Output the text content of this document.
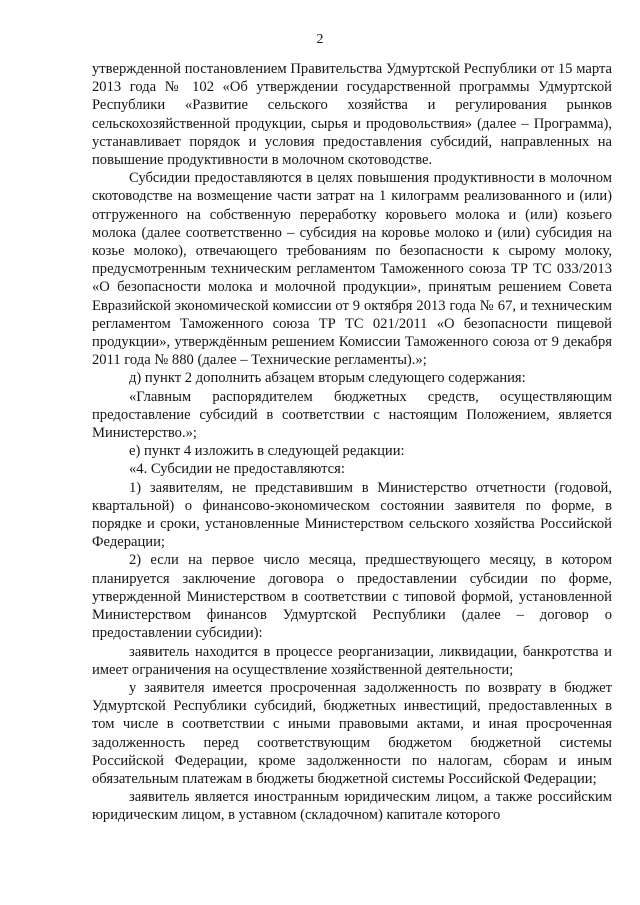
2

утвержденной постановлением Правительства Удмуртской Республики от 15 марта 2013 года № 102 «Об утверждении государственной программы Удмуртской Республики «Развитие сельского хозяйства и регулирования рынков сельскохозяйственной продукции, сырья и продовольствия» (далее – Программа), устанавливает порядок и условия предоставления субсидий, направленных на повышение продуктивности в молочном скотоводстве.

Субсидии предоставляются в целях повышения продуктивности в молочном скотоводстве на возмещение части затрат на 1 килограмм реализованного и (или) отгруженного на собственную переработку коровьего молока и (или) козьего молока (далее соответственно – субсидия на коровье молоко и (или) субсидия на козье молоко), отвечающего требованиям по безопасности к сырому молоку, предусмотренным техническим регламентом Таможенного союза ТР ТС 033/2013 «О безопасности молока и молочной продукции», принятым решением Совета Евразийской экономической комиссии от 9 октября 2013 года № 67, и техническим регламентом Таможенного союза ТР ТС 021/2011 «О безопасности пищевой продукции», утверждённым решением Комиссии Таможенного союза от 9 декабря 2011 года № 880 (далее – Технические регламенты).»;

д) пункт 2 дополнить абзацем вторым следующего содержания:

«Главным распорядителем бюджетных средств, осуществляющим предоставление субсидий в соответствии с настоящим Положением, является Министерство.»;

е) пункт 4 изложить в следующей редакции:

«4. Субсидии не предоставляются:

1) заявителям, не представившим в Министерство отчетности (годовой, квартальной) о финансово-экономическом состоянии заявителя по форме, в порядке и сроки, установленные Министерством сельского хозяйства Российской Федерации;

2) если на первое число месяца, предшествующего месяцу, в котором планируется заключение договора о предоставлении субсидии по форме, утвержденной Министерством в соответствии с типовой формой, установленной Министерством финансов Удмуртской Республики (далее – договор о предоставлении субсидии):

заявитель находится в процессе реорганизации, ликвидации, банкротства и имеет ограничения на осуществление хозяйственной деятельности;

у заявителя имеется просроченная задолженность по возврату в бюджет Удмуртской Республики субсидий, бюджетных инвестиций, предоставленных в том числе в соответствии с иными правовыми актами, и иная просроченная задолженность перед соответствующим бюджетом бюджетной системы Российской Федерации, кроме задолженности по налогам, сборам и иным обязательным платежам в бюджеты бюджетной системы Российской Федерации;

заявитель является иностранным юридическим лицом, а также российским юридическим лицом, в уставном (складочном) капитале которого
